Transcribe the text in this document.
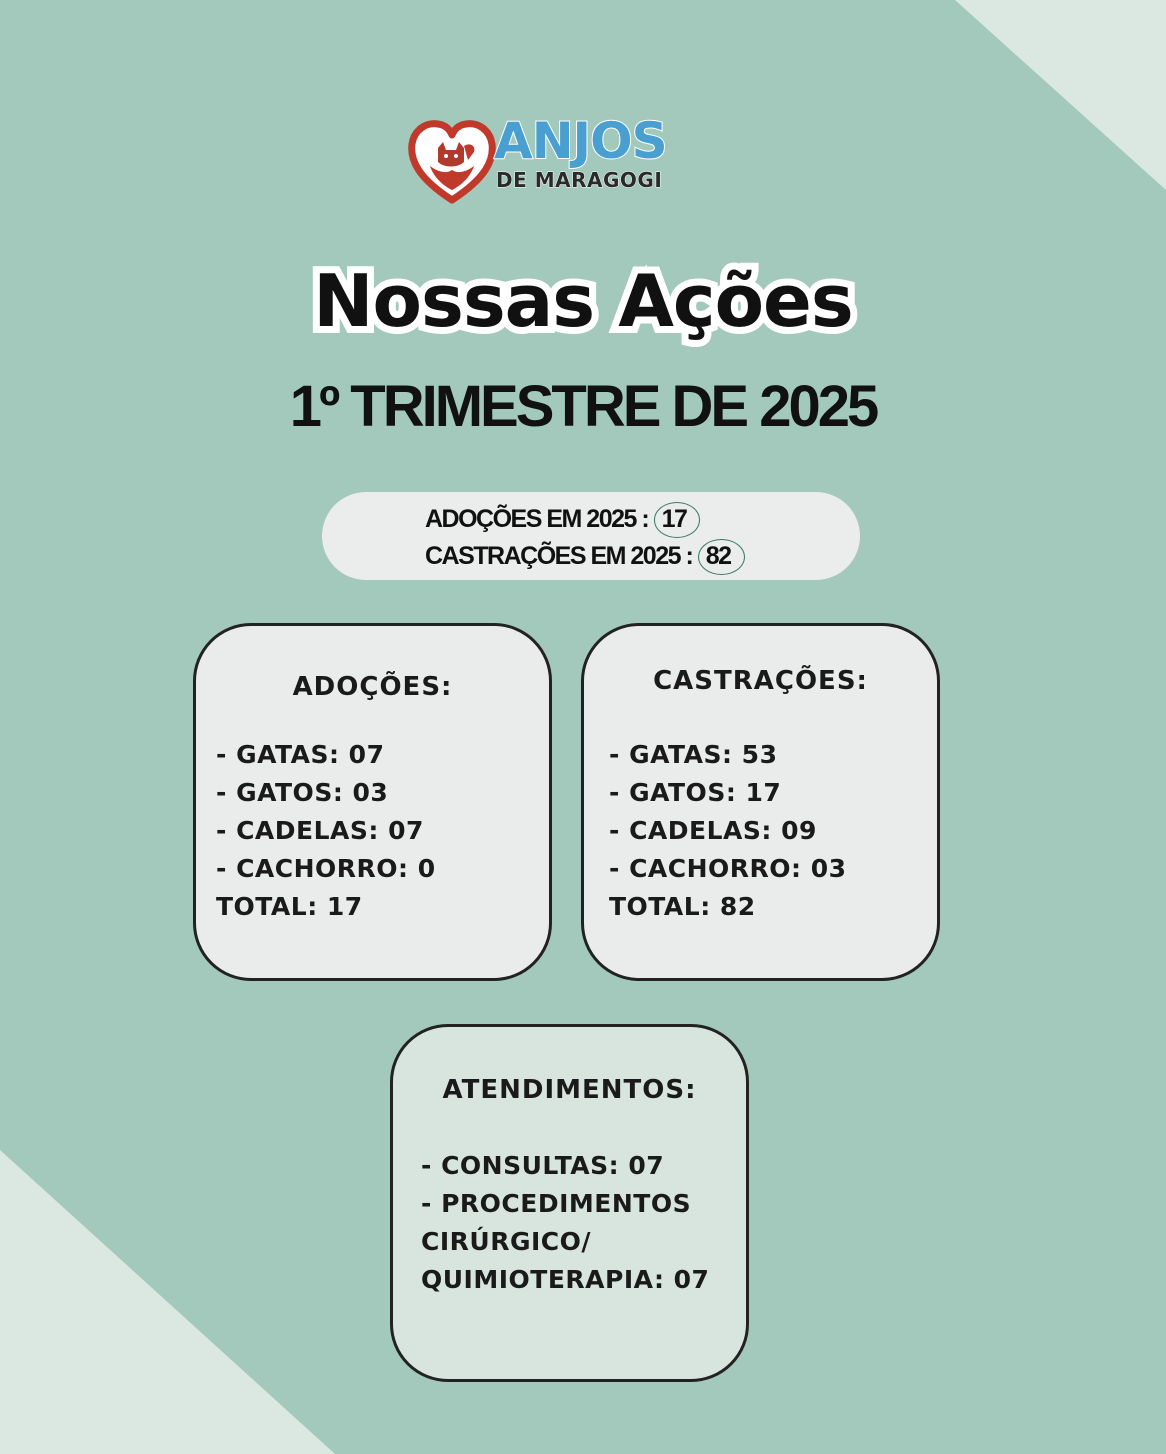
ANJOS
DE MARAGOGI
Nossas Ações
1º TRIMESTRE DE 2025
ADOÇÕES EM 2025 : 17
CASTRAÇÕES EM 2025 : 82
ADOÇÕES:
- GATAS: 07
- GATOS: 03
- CADELAS: 07
- CACHORRO: 0
TOTAL: 17
CASTRAÇÕES:
- GATAS: 53
- GATOS: 17
- CADELAS: 09
- CACHORRO: 03
TOTAL: 82
ATENDIMENTOS:
- CONSULTAS: 07
- PROCEDIMENTOS
CIRÚRGICO/
QUIMIOTERAPIA: 07
